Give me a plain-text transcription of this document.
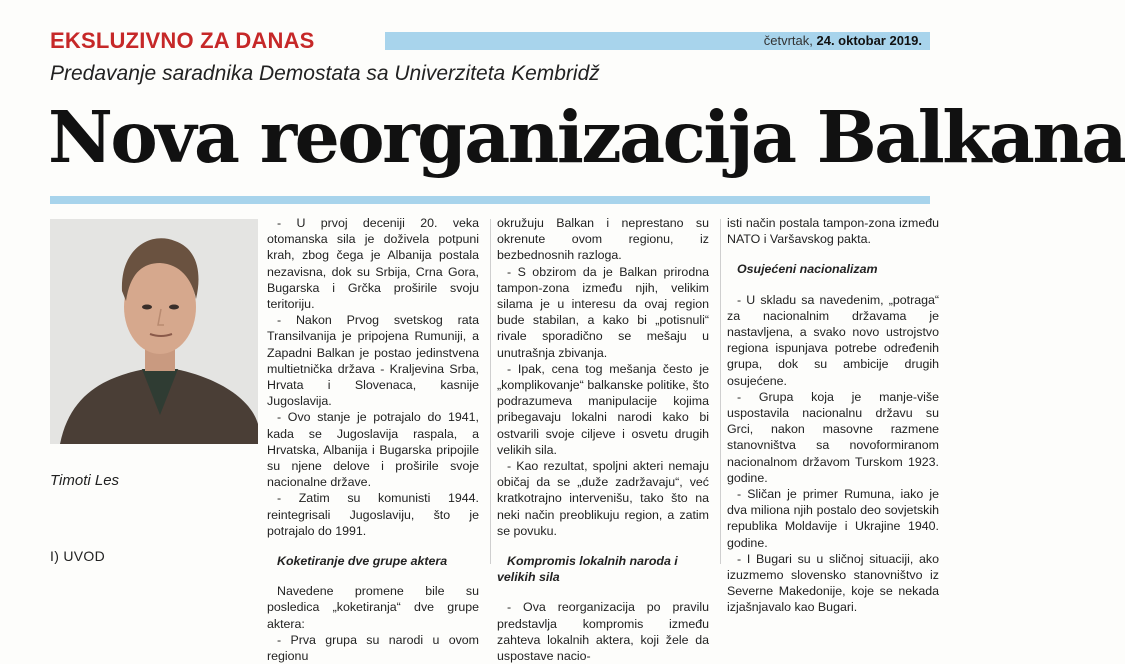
EKSLUZIVNO ZA DANAS	četvrtak, 24. oktobar 2019.
Predavanje saradnika Demostata sa Univerziteta Kembridž
Nova reorganizacija Balkana
Timoti Les
I) UVOD

- U prvoj deceniji 20. veka otomanska sila je doživela potpuni krah, zbog čega je Albanija postala nezavisna, dok su Srbija, Crna Gora, Bugarska i Grčka proširile svoju teritoriju.

- Nakon Prvog svetskog rata Transilvanija je pripojena Rumuniji, a Zapadni Balkan je postao jedinstvena multietnička država - Kraljevina Srba, Hrvata i Slovenaca, kasnije Jugoslavija.

- Ovo stanje je potrajalo do 1941, kada se Jugoslavija raspala, a Hrvatska, Albanija i Bugarska pripojile su njene delove i proširile svoje nacionalne države.

- Zatim su komunisti 1944. reintegrisali Jugoslaviju, što je potrajalo do 1991.

Koketiranje dve grupe aktera

Navedene promene bile su posledica „koketiranja“ dve grupe aktera:

- Prva grupa su narodi u ovom regionu

okružuju Balkan i neprestano su okrenute ovom regionu, iz bezbednosnih razloga.

- S obzirom da je Balkan prirodna tampon-zona između njih, velikim silama je u interesu da ovaj region bude stabilan, a kako bi „potisnuli“ rivale sporadično se mešaju u unutrašnja zbivanja.

- Ipak, cena tog mešanja često je „komplikovanje“ balkanske politike, što podrazumeva manipulacije kojima pribegavaju lokalni narodi kako bi ostvarili svoje ciljeve i osvetu drugih velikih sila.

- Kao rezultat, spoljni akteri nemaju običaj da se „duže zadržavaju“, već kratkotrajno intervenišu, tako što na neki način preoblikuju region, a zatim se povuku.

Kompromis lokalnih naroda i velikih sila

- Ova reorganizacija po pravilu predstavlja kompromis između zahteva lokalnih aktera, koji žele da uspostave nacio-

isti način postala tampon-zona između NATO i Varšavskog pakta.

Osujećeni nacionalizam

- U skladu sa navedenim, „potraga“ za nacionalnim državama je nastavljena, a svako novo ustrojstvo regiona ispunjava potrebe određenih grupa, dok su ambicije drugih osujećene.

- Grupa koja je manje-više uspostavila nacionalnu državu su Grci, nakon masovne razmene stanovništva sa novoformiranom nacionalnom državom Turskom 1923. godine.

- Sličan je primer Rumuna, iako je dva miliona njih postalo deo sovjetskih republika Moldavije i Ukrajine 1940. godine.

- I Bugari su u sličnoj situaciji, ako izuzmemo slovensko stanovništvo iz Severne Makedonije, koje se nekada izjašnjavalo kao Bugari.
